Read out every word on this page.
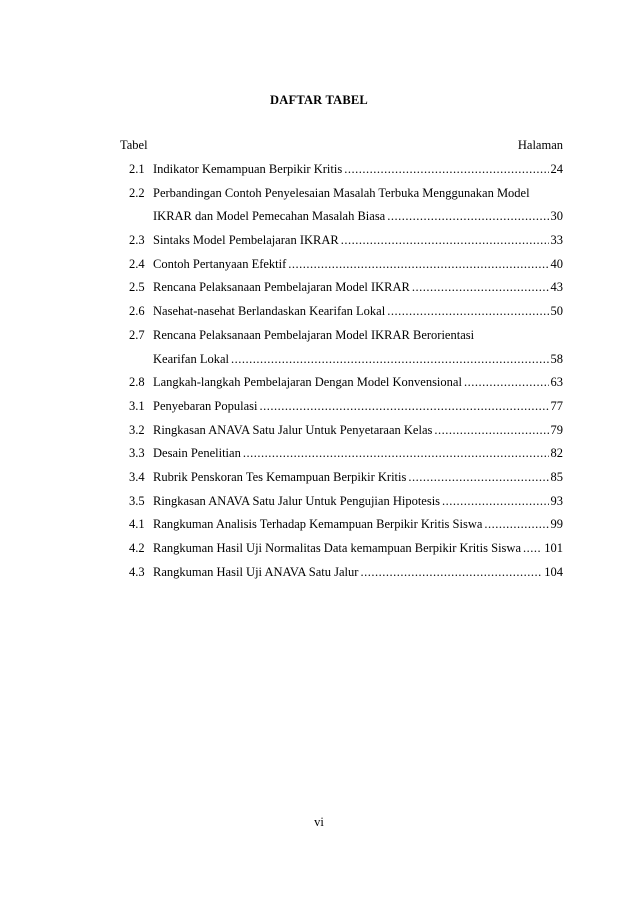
DAFTAR TABEL
Tabel	Halaman
2.1 Indikator Kemampuan Berpikir Kritis .....	24
2.2 Perbandingan Contoh Penyelesaian Masalah Terbuka Menggunakan Model
IKRAR dan Model Pemecahan Masalah Biasa .....	30
2.3 Sintaks Model Pembelajaran IKRAR .....	33
2.4 Contoh Pertanyaan Efektif .....	40
2.5 Rencana Pelaksanaan Pembelajaran Model IKRAR .....	43
2.6 Nasehat-nasehat Berlandaskan Kearifan Lokal .....	50
2.7 Rencana Pelaksanaan Pembelajaran Model IKRAR Berorientasi
Kearifan Lokal .....	58
2.8 Langkah-langkah Pembelajaran Dengan Model Konvensional .....	63
3.1 Penyebaran Populasi .....	77
3.2 Ringkasan ANAVA Satu Jalur Untuk Penyetaraan Kelas .....	79
3.3 Desain Penelitian .....	82
3.4 Rubrik Penskoran Tes Kemampuan Berpikir Kritis .....	85
3.5 Ringkasan ANAVA Satu Jalur Untuk Pengujian Hipotesis .....	93
4.1 Rangkuman Analisis Terhadap Kemampuan Berpikir Kritis Siswa .....	99
4.2 Rangkuman Hasil Uji Normalitas Data kemampuan Berpikir Kritis Siswa ..... 101
4.3 Rangkuman Hasil Uji ANAVA Satu Jalur .....	104
vi
